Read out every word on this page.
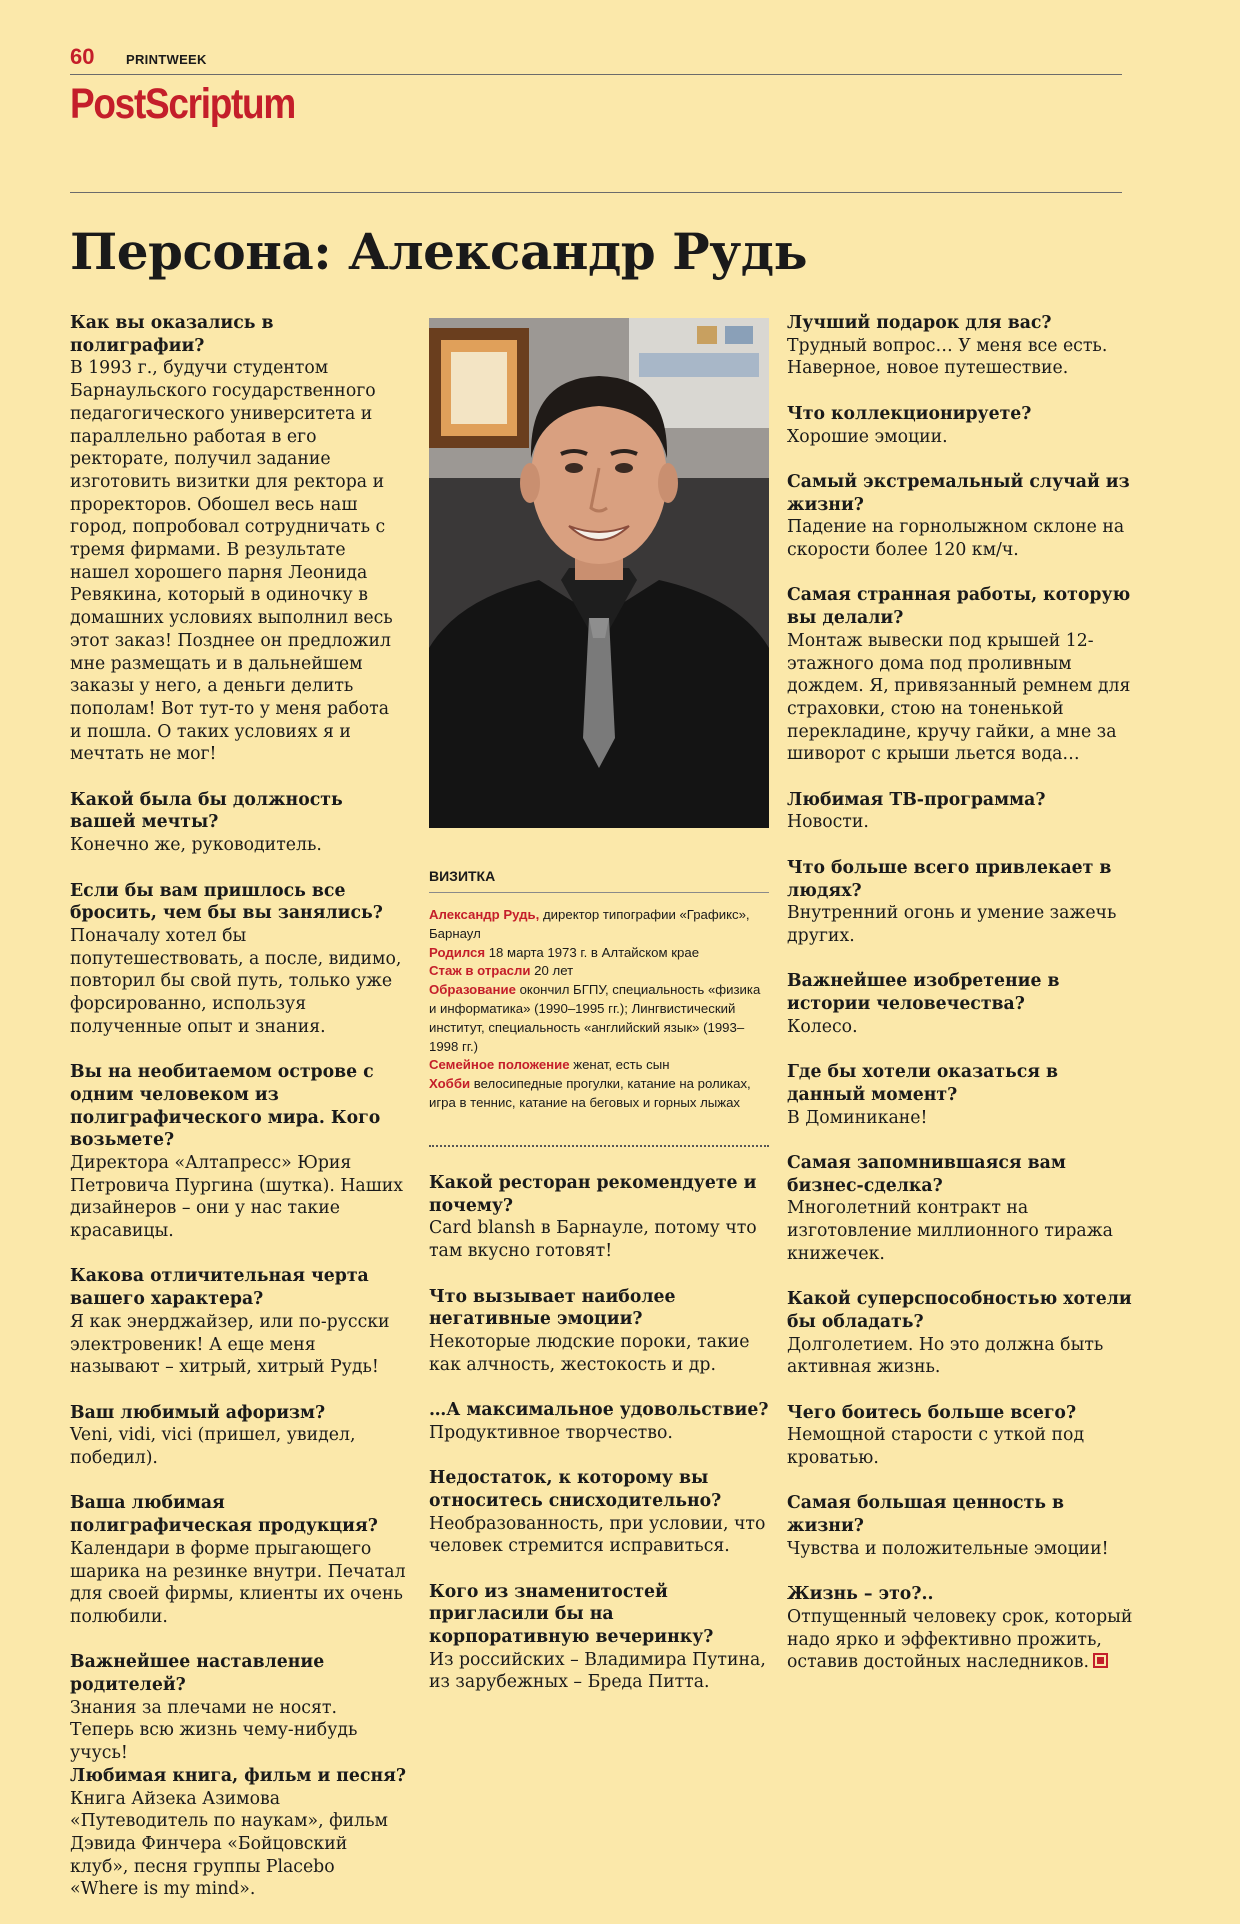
60 PRINTWEEK
PostScriptum
Персона: Александр Рудь
Как вы оказались в полиграфии?
В 1993 г., будучи студентом Барнаульского государственного педагогического университета и параллельно работая в его ректорате, получил задание изготовить визитки для ректора и проректоров. Обошел весь наш город, попробовал сотрудничать с тремя фирмами. В результате нашел хорошего парня Леонида Ревякина, который в одиночку в домашних условиях выполнил весь этот заказ! Позднее он предложил мне размещать и в дальнейшем заказы у него, а деньги делить пополам! Вот тут-то у меня работа и пошла. О таких условиях я и мечтать не мог!
Какой была бы должность вашей мечты?
Конечно же, руководитель.
Если бы вам пришлось все бросить, чем бы вы занялись?
Поначалу хотел бы попутешествовать, а после, видимо, повторил бы свой путь, только уже форсированно, используя полученные опыт и знания.
Вы на необитаемом острове с одним человеком из полиграфического мира. Кого возьмете?
Директора «Алтапресс» Юрия Петровича Пургина (шутка). Наших дизайнеров – они у нас такие красавицы.
Какова отличительная черта вашего характера?
Я как энерджайзер, или по-русски электровеник! А еще меня называют – хитрый, хитрый Рудь!
Ваш любимый афоризм?
Veni, vidi, vici (пришел, увидел, победил).
Ваша любимая полиграфическая продукция?
Календари в форме прыгающего шарика на резинке внутри. Печатал для своей фирмы, клиенты их очень полюбили.
Важнейшее наставление родителей?
Знания за плечами не носят. Теперь всю жизнь чему-нибудь учусь!
Любимая книга, фильм и песня?
Книга Айзека Азимова «Путеводитель по наукам», фильм Дэвида Финчера «Бойцовский клуб», песня группы Placebo «Where is my mind».
ВИЗИТКА
Александр Рудь, директор типографии «Графикс», Барнаул
Родился 18 марта 1973 г. в Алтайском крае
Стаж в отрасли 20 лет
Образование окончил БГПУ, специальность «физика и информатика» (1990–1995 гг.); Лингвистический институт, специальность «английский язык» (1993–1998 гг.)
Семейное положение женат, есть сын
Хобби велосипедные прогулки, катание на роликах, игра в теннис, катание на беговых и горных лыжах
Какой ресторан рекомендуете и почему?
Card blansh в Барнауле, потому что там вкусно готовят!
Что вызывает наиболее негативные эмоции?
Некоторые людские пороки, такие как алчность, жестокость и др.
…А максимальное удовольствие?
Продуктивное творчество.
Недостаток, к которому вы относитесь снисходительно?
Необразованность, при условии, что человек стремится исправиться.
Кого из знаменитостей пригласили бы на корпоративную вечеринку?
Из российских – Владимира Путина, из зарубежных – Бреда Питта.
Лучший подарок для вас?
Трудный вопрос… У меня все есть. Наверное, новое путешествие.
Что коллекционируете?
Хорошие эмоции.
Самый экстремальный случай из жизни?
Падение на горнолыжном склоне на скорости более 120 км/ч.
Самая странная работы, которую вы делали?
Монтаж вывески под крышей 12-этажного дома под проливным дождем. Я, привязанный ремнем для страховки, стою на тоненькой перекладине, кручу гайки, а мне за шиворот с крыши льется вода…
Любимая ТВ-программа?
Новости.
Что больше всего привлекает в людях?
Внутренний огонь и умение зажечь других.
Важнейшее изобретение в истории человечества?
Колесо.
Где бы хотели оказаться в данный момент?
В Доминикане!
Самая запомнившаяся вам бизнес-сделка?
Многолетний контракт на изготовление миллионного тиража книжечек.
Какой суперспособностью хотели бы обладать?
Долголетием. Но это должна быть активная жизнь.
Чего боитесь больше всего?
Немощной старости с уткой под кроватью.
Самая большая ценность в жизни?
Чувства и положительные эмоции!
Жизнь – это?..
Отпущенный человеку срок, который надо ярко и эффективно прожить, оставив достойных наследников.
